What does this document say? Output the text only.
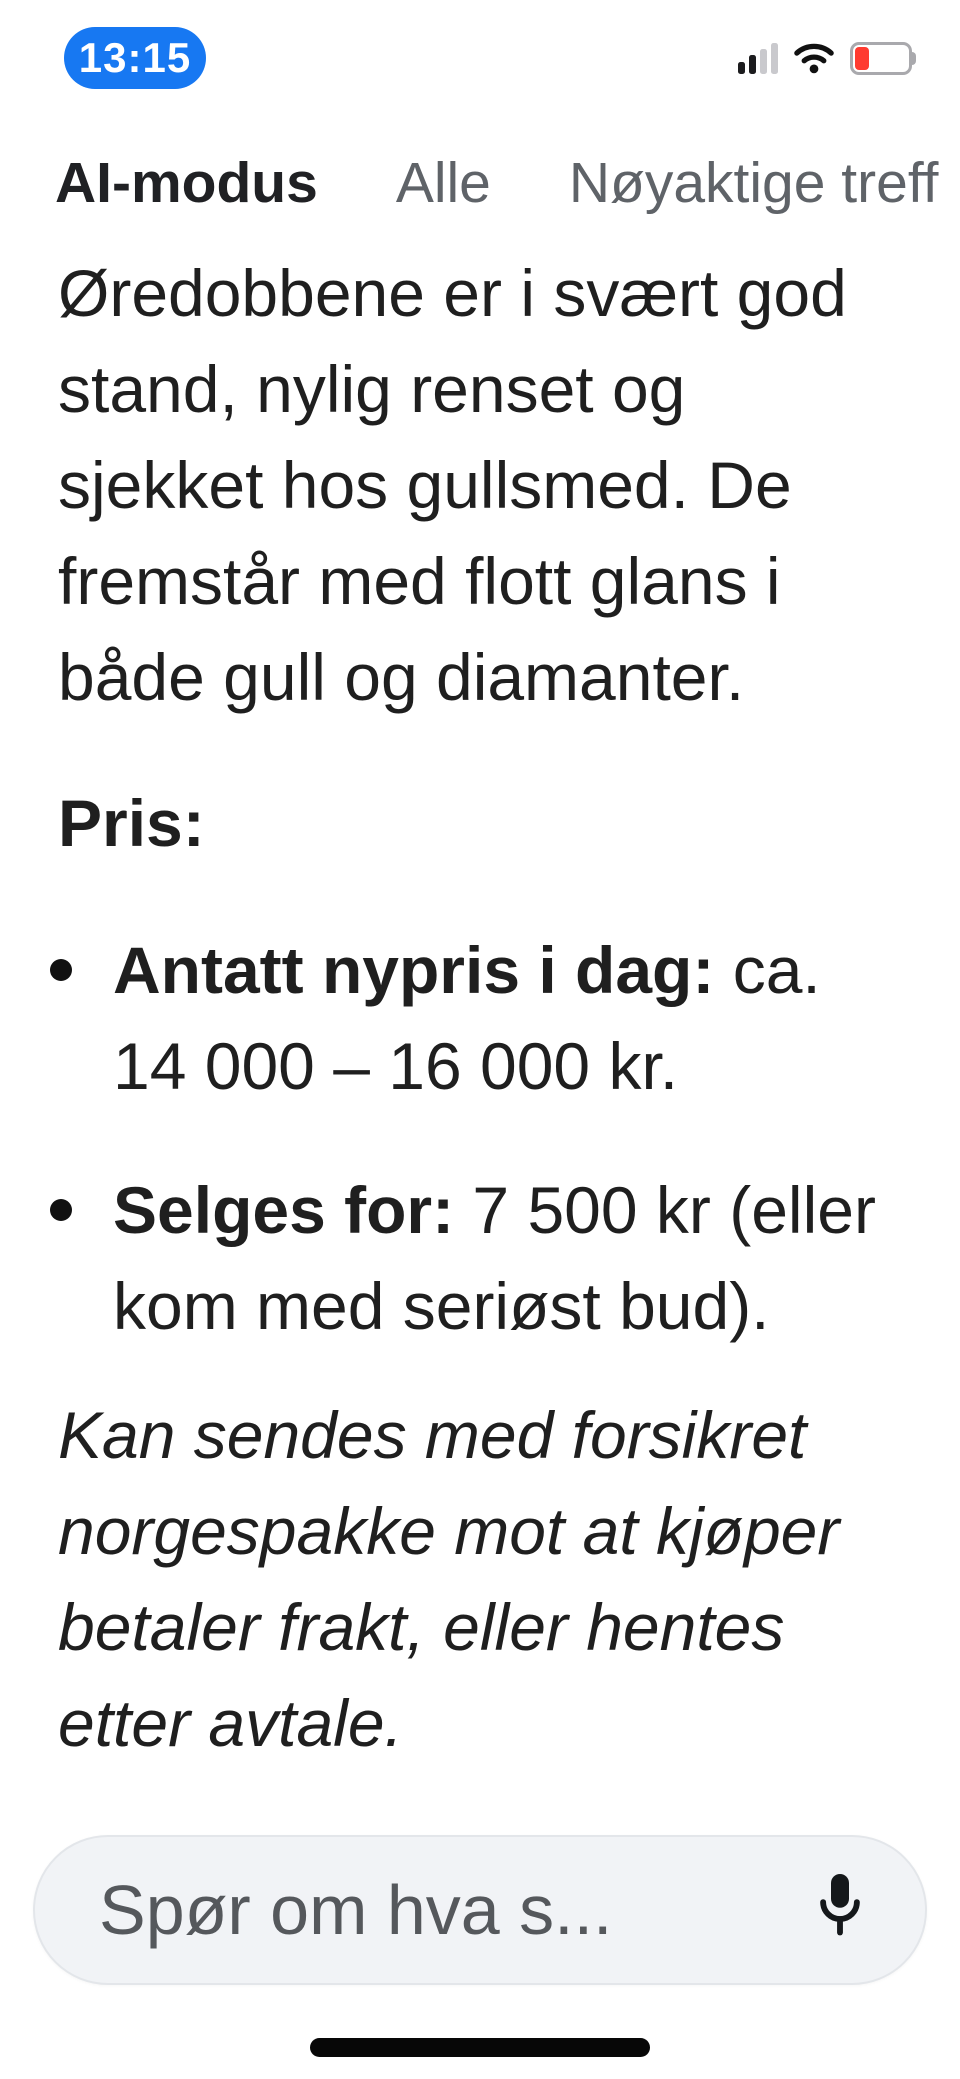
13:15
AI-modus Alle Nøyaktige treff

Øredobbene er i svært god stand, nylig renset og sjekket hos gullsmed. De fremstår med flott glans i både gull og diamanter.

Pris:

Antatt nypris i dag: ca. 14 000 – 16 000 kr.
Selges for: 7 500 kr (eller kom med seriøst bud).

Kan sendes med forsikret norgespakke mot at kjøper betaler frakt, eller hentes etter avtale.

Spør om hva s...
